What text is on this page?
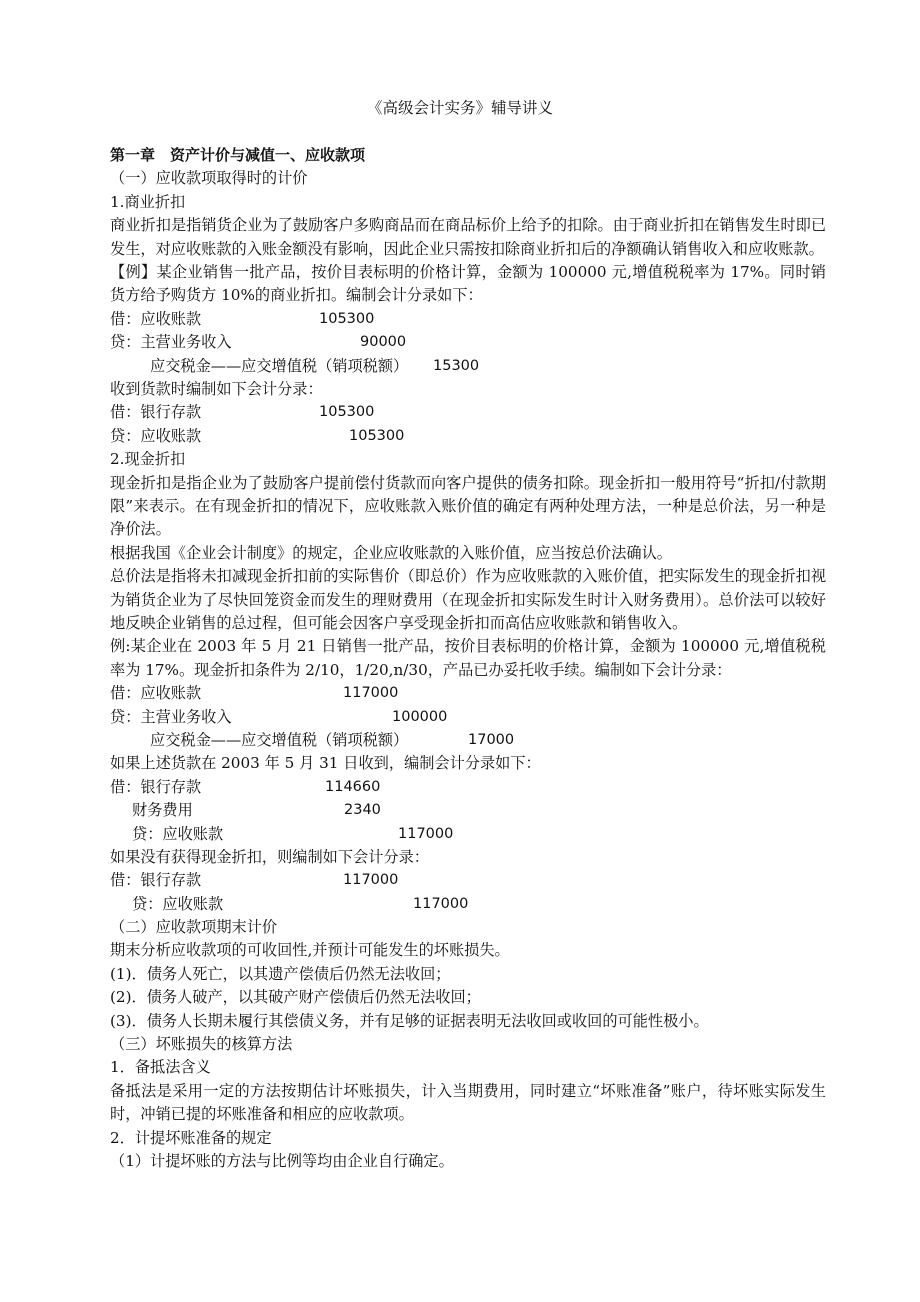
《高级会计实务》辅导讲义
第一章　资产计价与减值一、应收款项
（一）应收款项取得时的计价
1.商业折扣
商业折扣是指销货企业为了鼓励客户多购商品而在商品标价上给予的扣除。由于商业折扣在销售发生时即已发生，对应收账款的入账金额没有影响，因此企业只需按扣除商业折扣后的净额确认销售收入和应收账款。
【例】某企业销售一批产品，按价目表标明的价格计算，金额为 100000 元,增值税税率为 17%。同时销货方给予购货方 10%的商业折扣。编制会计分录如下：
借：应收账款	105300
贷：主营业务收入	90000
应交税金——应交增值税（销项税额） 15300
收到货款时编制如下会计分录：
借：银行存款	105300
贷：应收账款	105300
2.现金折扣
现金折扣是指企业为了鼓励客户提前偿付货款而向客户提供的债务扣除。现金折扣一般用符号“折扣/付款期限”来表示。在有现金折扣的情况下，应收账款入账价值的确定有两种处理方法，一种是总价法，另一种是净价法。
根据我国《企业会计制度》的规定，企业应收账款的入账价值，应当按总价法确认。
总价法是指将未扣减现金折扣前的实际售价（即总价）作为应收账款的入账价值，把实际发生的现金折扣视为销货企业为了尽快回笼资金而发生的理财费用（在现金折扣实际发生时计入财务费用）。总价法可以较好地反映企业销售的总过程，但可能会因客户享受现金折扣而高估应收账款和销售收入。
例:某企业在 2003 年 5 月 21 日销售一批产品，按价目表标明的价格计算，金额为 100000 元,增值税税率为 17%。现金折扣条件为 2/10，1/20,n/30，产品已办妥托收手续。编制如下会计分录：
借：应收账款	117000
贷：主营业务收入	100000
应交税金——应交增值税（销项税额）	17000
如果上述货款在 2003 年 5 月 31 日收到，编制会计分录如下：
借：银行存款	114660
财务费用	2340
贷：应收账款	117000
如果没有获得现金折扣，则编制如下会计分录：
借：银行存款	117000
贷：应收账款	117000
（二）应收款项期末计价
期末分析应收款项的可收回性,并预计可能发生的坏账损失。
(1)．债务人死亡，以其遗产偿债后仍然无法收回；
(2)．债务人破产，以其破产财产偿债后仍然无法收回；
(3)．债务人长期未履行其偿债义务，并有足够的证据表明无法收回或收回的可能性极小。
（三）坏账损失的核算方法
1．备抵法含义
备抵法是采用一定的方法按期估计坏账损失，计入当期费用，同时建立“坏账准备”账户，待坏账实际发生时，冲销已提的坏账准备和相应的应收款项。
2．计提坏账准备的规定
（1）计提坏账的方法与比例等均由企业自行确定。
